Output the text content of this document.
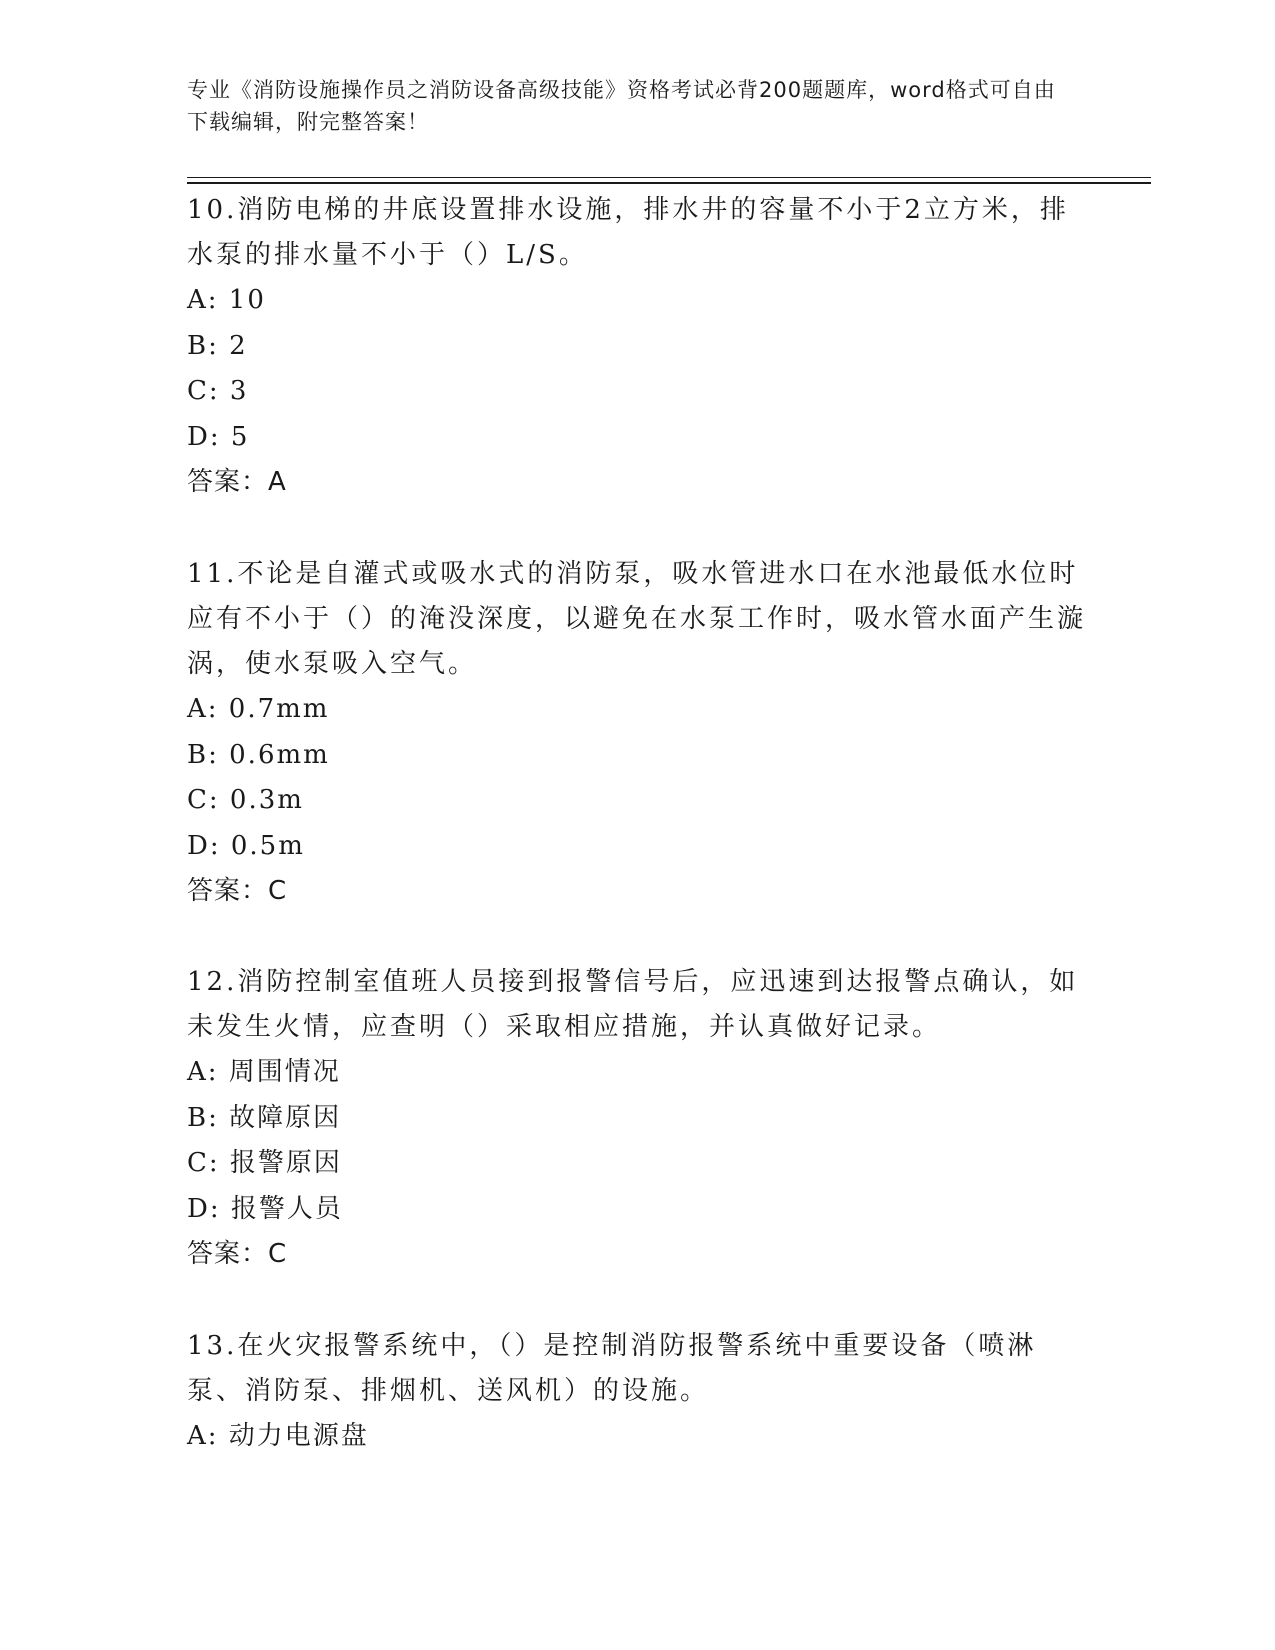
专业《消防设施操作员之消防设备高级技能》资格考试必背200题题库，word格式可自由下载编辑，附完整答案！

10.消防电梯的井底设置排水设施，排水井的容量不小于2立方米，排水泵的排水量不小于（）L/S。

A: 10

B: 2

C: 3

D: 5

答案：A

11.不论是自灌式或吸水式的消防泵，吸水管进水口在水池最低水位时应有不小于（）的淹没深度，以避免在水泵工作时，吸水管水面产生漩涡，使水泵吸入空气。

A: 0.7mm

B: 0.6mm

C: 0.3m

D: 0.5m

答案：C

12.消防控制室值班人员接到报警信号后，应迅速到达报警点确认，如未发生火情，应查明（）采取相应措施，并认真做好记录。

A: 周围情况

B: 故障原因

C: 报警原因

D: 报警人员

答案：C

13.在火灾报警系统中，（）是控制消防报警系统中重要设备（喷淋泵、消防泵、排烟机、送风机）的设施。

A: 动力电源盘
